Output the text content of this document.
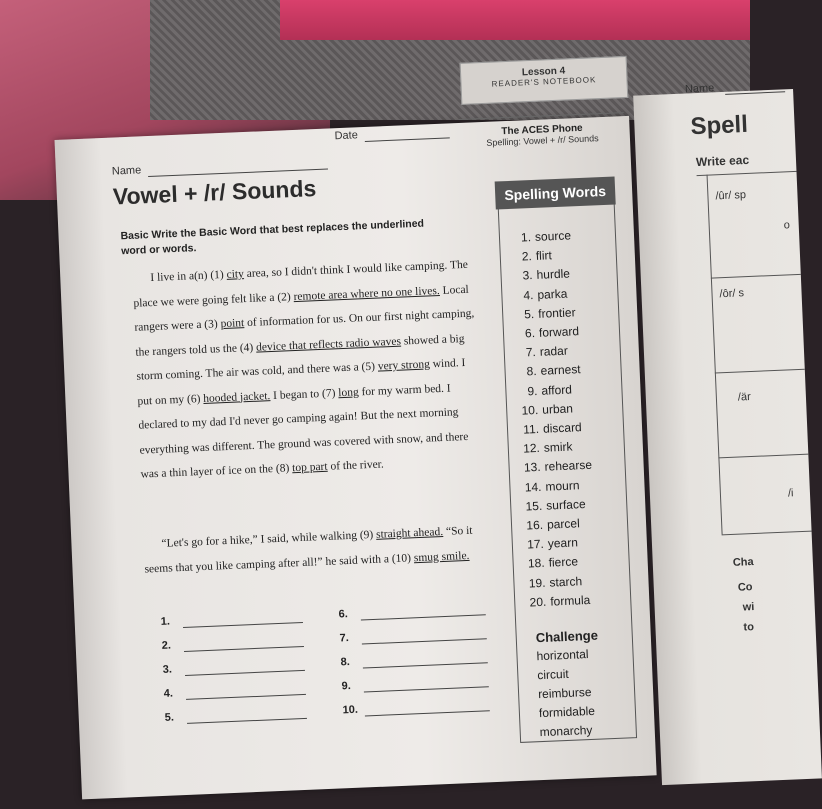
Lesson 4
READER'S NOTEBOOK
Name
Date	The ACES Phone
Spelling: Vowel + /r/ Sounds
Vowel + /r/ Sounds
Basic Write the Basic Word that best replaces the underlined word or words.
I live in a(n) (1) city area, so I didn't think I would like camping. The place we were going felt like a (2) remote area where no one lives. Local rangers were a (3) point of information for us. On our first night camping, the rangers told us the (4) device that reflects radio waves showed a big storm coming. The air was cold, and there was a (5) very strong wind. I put on my (6) hooded jacket. I began to (7) long for my warm bed. I declared to my dad I'd never go camping again! But the next morning everything was different. The ground was covered with snow, and there was a thin layer of ice on the (8) top part of the river.
“Let's go for a hike,” I said, while walking (9) straight ahead. “So it seems that you like camping after all!” he said with a (10) smug smile.
1.
2.
3.
4.
5.
6.
7.
8.
9.
10.
Spelling Words
1. source
2. flirt
3. hurdle
4. parka
5. frontier
6. forward
7. radar
8. earnest
9. afford
10. urban
11. discard
12. smirk
13. rehearse
14. mourn
15. surface
16. parcel
17. yearn
18. fierce
19. starch
20. formula
Challenge
horizontal
circuit
reimburse
formidable
monarchy
Name
Spell
Write eac
/ûr/ sp
o
/ôr/ s
/är
/i
Cha
Co
wi
to
